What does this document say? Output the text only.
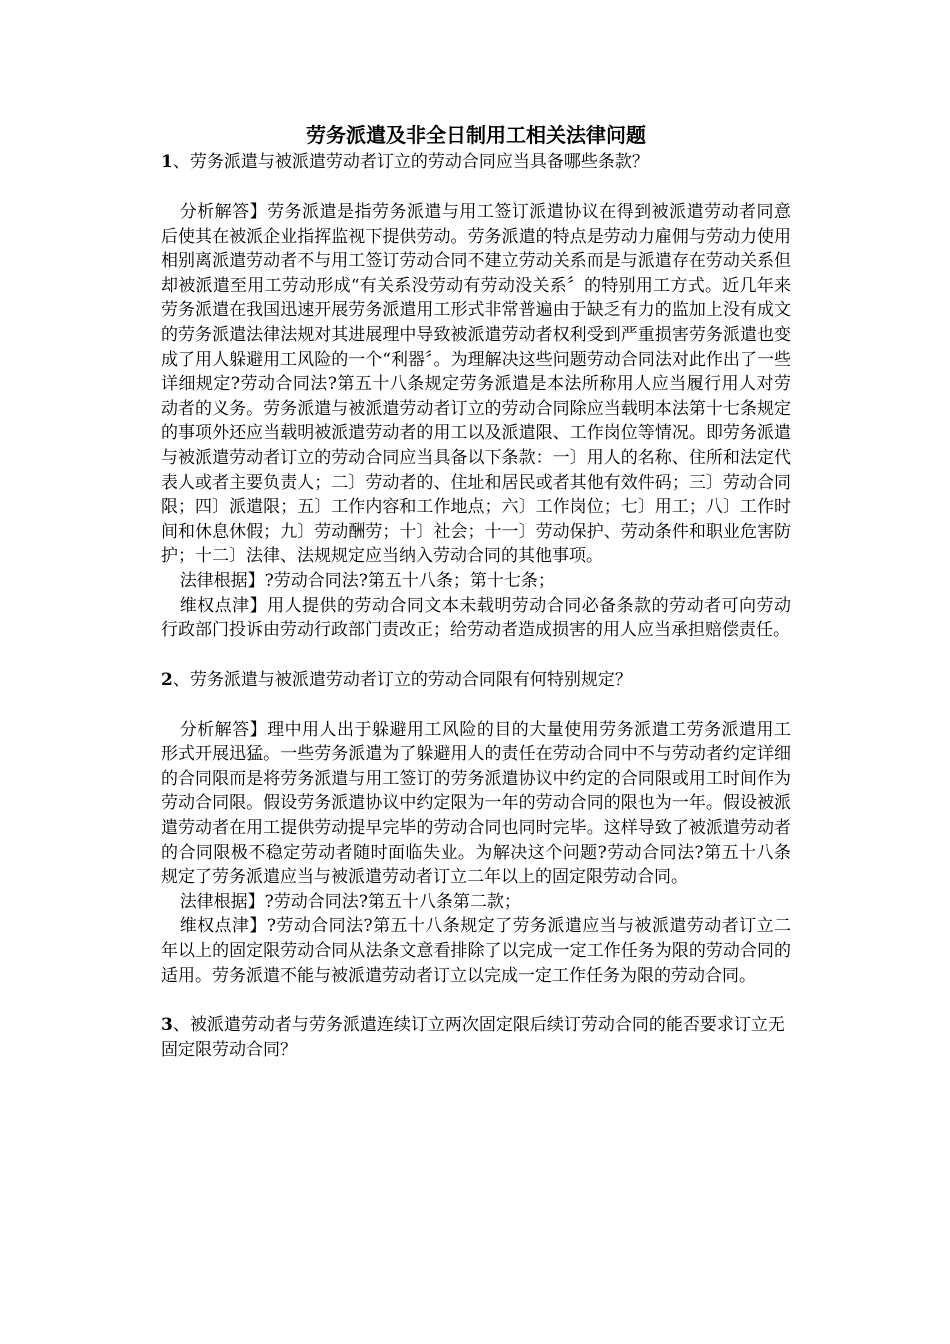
劳务派遣及非全日制用工相关法律问题

1、劳务派遣与被派遣劳动者订立的劳动合同应当具备哪些条款？

分析解答】劳务派遣是指劳务派遣与用工签订派遣协议在得到被派遣劳动者同意后使其在被派企业指挥监视下提供劳动。劳务派遣的特点是劳动力雇佣与劳动力使用相别离派遣劳动者不与用工签订劳动合同不建立劳动关系而是与派遣存在劳动关系但却被派遣至用工劳动形成“有关系没劳动有劳动没关系〞的特别用工方式。近几年来劳务派遣在我国迅速开展劳务派遣用工形式非常普遍由于缺乏有力的监加上没有成文的劳务派遣法律法规对其进展理中导致被派遣劳动者权利受到严重损害劳务派遣也变成了用人躲避用工风险的一个“利器〞。为理解决这些问题劳动合同法对此作出了一些详细规定?劳动合同法?第五十八条规定劳务派遣是本法所称用人应当履行用人对劳动者的义务。劳务派遣与被派遣劳动者订立的劳动合同除应当载明本法第十七条规定的事项外还应当载明被派遣劳动者的用工以及派遣限、工作岗位等情况。即劳务派遣与被派遣劳动者订立的劳动合同应当具备以下条款：一〕用人的名称、住所和法定代表人或者主要负责人；二〕劳动者的、住址和居民或者其他有效件码；三〕劳动合同限；四〕派遣限；五〕工作内容和工作地点；六〕工作岗位；七〕用工；八〕工作时间和休息休假；九〕劳动酬劳；十〕社会；十一〕劳动保护、劳动条件和职业危害防护；十二〕法律、法规规定应当纳入劳动合同的其他事项。

法律根据】?劳动合同法?第五十八条；第十七条；

维权点津】用人提供的劳动合同文本未载明劳动合同必备条款的劳动者可向劳动行政部门投诉由劳动行政部门责改正；给劳动者造成损害的用人应当承担赔偿责任。

2、劳务派遣与被派遣劳动者订立的劳动合同限有何特别规定？

分析解答】理中用人出于躲避用工风险的目的大量使用劳务派遣工劳务派遣用工形式开展迅猛。一些劳务派遣为了躲避用人的责任在劳动合同中不与劳动者约定详细的合同限而是将劳务派遣与用工签订的劳务派遣协议中约定的合同限或用工时间作为劳动合同限。假设劳务派遣协议中约定限为一年的劳动合同的限也为一年。假设被派遣劳动者在用工提供劳动提早完毕的劳动合同也同时完毕。这样导致了被派遣劳动者的合同限极不稳定劳动者随时面临失业。为解决这个问题?劳动合同法?第五十八条规定了劳务派遣应当与被派遣劳动者订立二年以上的固定限劳动合同。

法律根据】?劳动合同法?第五十八条第二款；

维权点津】?劳动合同法?第五十八条规定了劳务派遣应当与被派遣劳动者订立二年以上的固定限劳动合同从法条文意看排除了以完成一定工作任务为限的劳动合同的适用。劳务派遣不能与被派遣劳动者订立以完成一定工作任务为限的劳动合同。

3、被派遣劳动者与劳务派遣连续订立两次固定限后续订劳动合同的能否要求订立无固定限劳动合同？
